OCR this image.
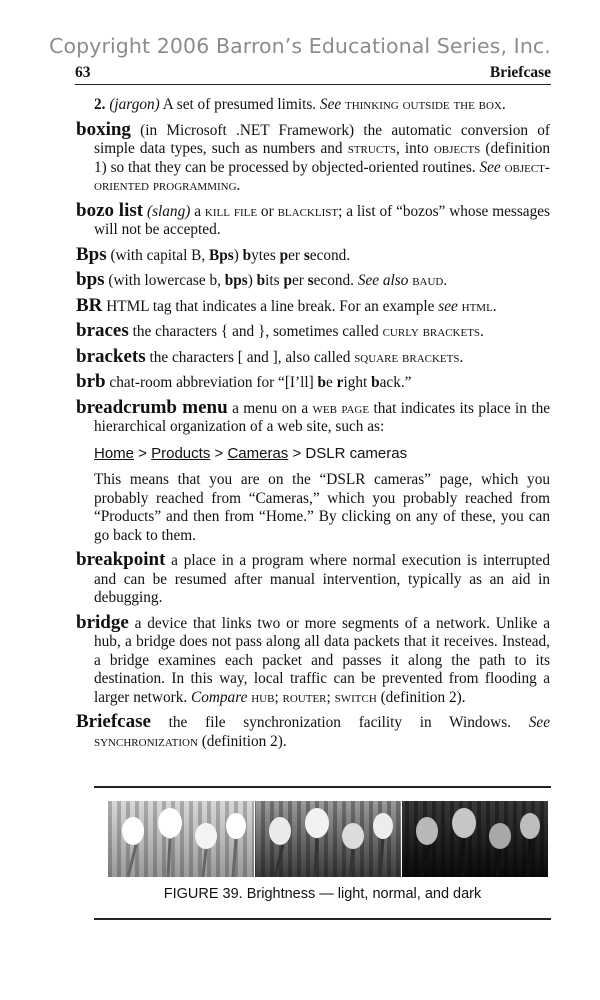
Copyright 2006 Barron’s Educational Series, Inc.
63	Briefcase

2. (jargon) A set of presumed limits. See thinking outside the box.

boxing (in Microsoft .NET Framework) the automatic conversion of simple data types, such as numbers and structs, into objects (definition 1) so that they can be processed by objected-oriented routines. See object-oriented programming.

bozo list (slang) a kill file or blacklist; a list of “bozos” whose messages will not be accepted.

Bps (with capital B, Bps) bytes per second.

bps (with lowercase b, bps) bits per second. See also baud.

BR HTML tag that indicates a line break. For an example see html.

braces the characters { and }, sometimes called curly brackets.

brackets the characters [ and ], also called square brackets.

brb chat-room abbreviation for “[I’ll] be right back.”

breadcrumb menu a menu on a web page that indicates its place in the hierarchical organization of a web site, such as:

Home > Products > Cameras > DSLR cameras

This means that you are on the “DSLR cameras” page, which you probably reached from “Cameras,” which you probably reached from “Products” and then from “Home.” By clicking on any of these, you can go back to them.

breakpoint a place in a program where normal execution is interrupted and can be resumed after manual intervention, typically as an aid in debugging.

bridge a device that links two or more segments of a network. Unlike a hub, a bridge does not pass along all data packets that it receives. Instead, a bridge examines each packet and passes it along the path to its destination. In this way, local traffic can be prevented from flooding a larger network. Compare hub; router; switch (definition 2).

Briefcase the file synchronization facility in Windows. See synchronization (definition 2).

FIGURE 39. Brightness — light, normal, and dark
